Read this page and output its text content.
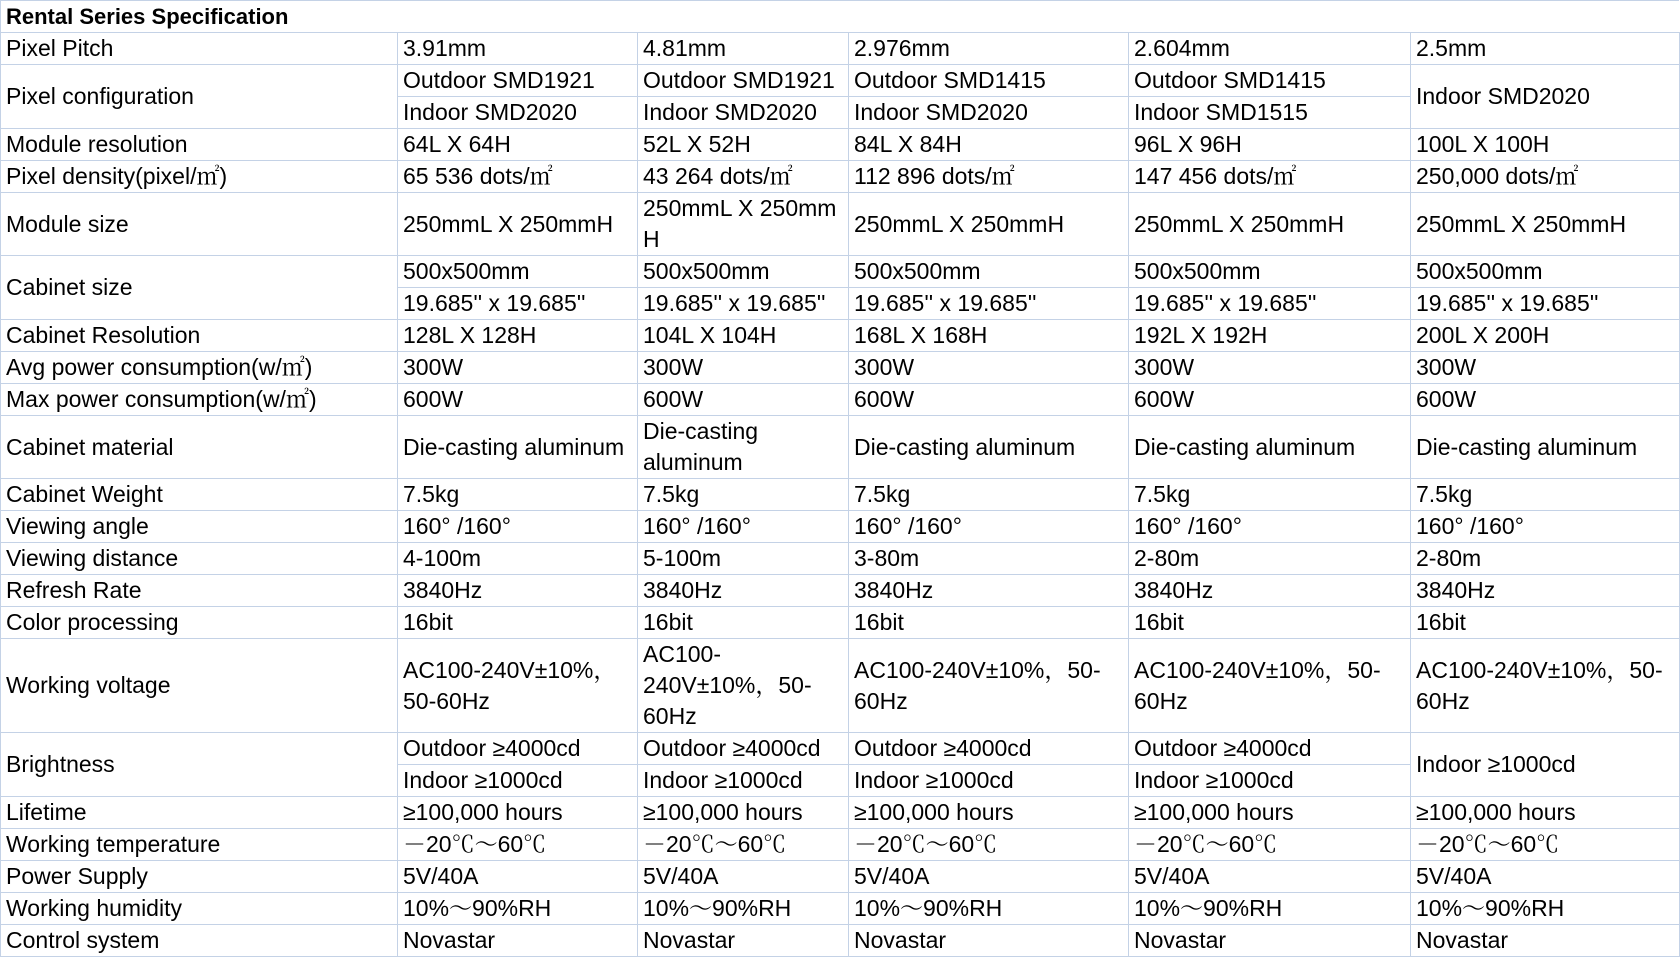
Rental Series Specification					
Pixel Pitch	3.91mm	4.81mm	2.976mm	2.604mm	2.5mm
Pixel configuration	Outdoor SMD1921	Outdoor SMD1921	Outdoor SMD1415	Outdoor SMD1415	Indoor SMD2020
	Indoor SMD2020	Indoor SMD2020	Indoor SMD2020	Indoor SMD1515	
Module resolution	64L X 64H	52L X 52H	84L X 84H	96L X 96H	100L X 100H
Pixel density(pixel/㎡)	65 536 dots/㎡	43 264 dots/㎡	112 896 dots/㎡	147 456 dots/㎡	250,000 dots/㎡
Module size	250mmL X 250mmH	250mmL X 250mm H	250mmL X 250mmH	250mmL X 250mmH	250mmL X 250mmH
Cabinet size	500x500mm	500x500mm	500x500mm	500x500mm	500x500mm
	19.685'' x 19.685''	19.685'' x 19.685''	19.685'' x 19.685''	19.685'' x 19.685''	19.685'' x 19.685''
Cabinet Resolution	128L X 128H	104L X 104H	168L X 168H	192L X 192H	200L X 200H
Avg power consumption(w/㎡)	300W	300W	300W	300W	300W
Max power consumption(w/㎡)	600W	600W	600W	600W	600W
Cabinet material	Die-casting aluminum	Die-casting aluminum	Die-casting aluminum	Die-casting aluminum	Die-casting aluminum
Cabinet Weight	7.5kg	7.5kg	7.5kg	7.5kg	7.5kg
Viewing angle	160° /160°	160° /160°	160° /160°	160° /160°	160° /160°
Viewing distance	4-100m	5-100m	3-80m	2-80m	2-80m
Refresh Rate	3840Hz	3840Hz	3840Hz	3840Hz	3840Hz
Color processing	16bit	16bit	16bit	16bit	16bit
Working voltage	AC100-240V±10%，50-60Hz	AC100-240V±10%，50-60Hz	AC100-240V±10%，50-60Hz	AC100-240V±10%，50-60Hz	AC100-240V±10%，50-60Hz
Brightness	Outdoor ≥4000cd	Outdoor ≥4000cd	Outdoor ≥4000cd	Outdoor ≥4000cd	Indoor ≥1000cd
	Indoor ≥1000cd	Indoor ≥1000cd	Indoor ≥1000cd	Indoor ≥1000cd	
Lifetime	≥100,000 hours	≥100,000 hours	≥100,000 hours	≥100,000 hours	≥100,000 hours
Working temperature	－20℃～60℃	－20℃～60℃	－20℃～60℃	－20℃～60℃	－20℃～60℃
Power Supply	5V/40A	5V/40A	5V/40A	5V/40A	5V/40A
Working humidity	10%～90%RH	10%～90%RH	10%～90%RH	10%～90%RH	10%～90%RH
Control system	Novastar	Novastar	Novastar	Novastar	Novastar
